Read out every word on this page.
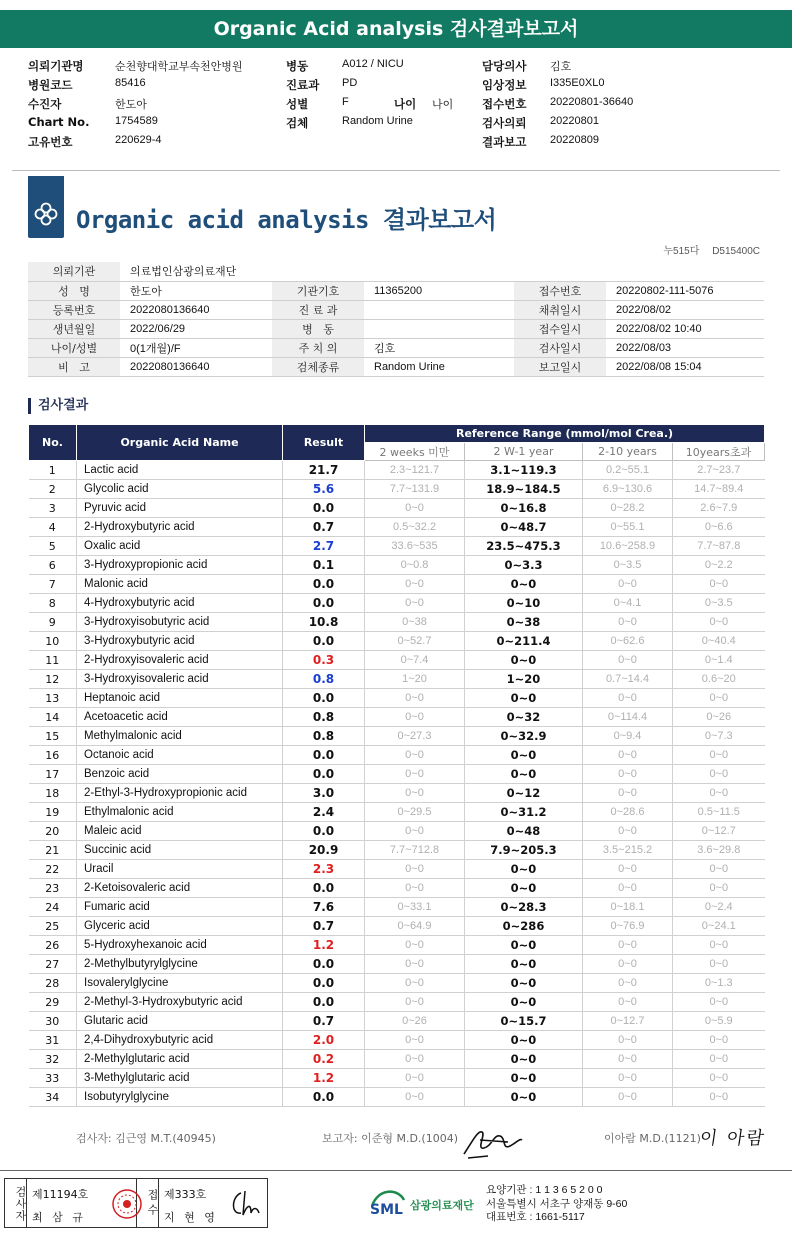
Organic Acid analysis 검사결과보고서
의뢰기관명	순천향대학교부속천안병원	병동	A012 / NICU	담당의사 김호
병원코드	85416	진료과 PD	임상정보 I335E0XL0
수진자	한도아	성별	F	나이 나이 접수번호 20220801-36640
Chart No. 1754589	검체	Random Urine	검사의뢰 20220801
고유번호	220629-4	결과보고 20220809
Organic acid analysis 결과보고서
누515다 D515400C
의뢰기관	의료법인삼광의료재단				
성   명	한도아	기관기호	11365200	접수번호	20220802-111-5076
등록번호	2022080136640	진 료 과		채취일시	2022/08/02
생년월일	2022/06/29	병   동		접수일시	2022/08/02 10:40
나이/성별	0(1개월)/F	주 치 의	김호	검사일시	2022/08/03
비   고	2022080136640	검체종류	Random Urine	보고일시	2022/08/08 15:04
검사결과
No.	Organic Acid Name	Result	Reference Range (mmol/mol Crea.)			
			2 weeks 미만	2 W-1 year	2-10 years	10years초과
1	Lactic acid	21.7	2.3~121.7	3.1~119.3	0.2~55.1	2.7~23.7
2	Glycolic acid	5.6	7.7~131.9	18.9~184.5	6.9~130.6	14.7~89.4
3	Pyruvic acid	0.0	0~0	0~16.8	0~28.2	2.6~7.9
4	2-Hydroxybutyric acid	0.7	0.5~32.2	0~48.7	0~55.1	0~6.6
5	Oxalic acid	2.7	33.6~535	23.5~475.3	10.6~258.9	7.7~87.8
6	3-Hydroxypropionic acid	0.1	0~0.8	0~3.3	0~3.5	0~2.2
7	Malonic acid	0.0	0~0	0~0	0~0	0~0
8	4-Hydroxybutyric acid	0.0	0~0	0~10	0~4.1	0~3.5
9	3-Hydroxyisobutyric acid	10.8	0~38	0~38	0~0	0~0
10	3-Hydroxybutyric acid	0.0	0~52.7	0~211.4	0~62.6	0~40.4
11	2-Hydroxyisovaleric acid	0.3	0~7.4	0~0	0~0	0~1.4
12	3-Hydroxyisovaleric acid	0.8	1~20	1~20	0.7~14.4	0.6~20
13	Heptanoic acid	0.0	0~0	0~0	0~0	0~0
14	Acetoacetic acid	0.8	0~0	0~32	0~114.4	0~26
15	Methylmalonic acid	0.8	0~27.3	0~32.9	0~9.4	0~7.3
16	Octanoic acid	0.0	0~0	0~0	0~0	0~0
17	Benzoic acid	0.0	0~0	0~0	0~0	0~0
18	2-Ethyl-3-Hydroxypropionic acid	3.0	0~0	0~12	0~0	0~0
19	Ethylmalonic acid	2.4	0~29.5	0~31.2	0~28.6	0.5~11.5
20	Maleic acid	0.0	0~0	0~48	0~0	0~12.7
21	Succinic acid	20.9	7.7~712.8	7.9~205.3	3.5~215.2	3.6~29.8
22	Uracil	2.3	0~0	0~0	0~0	0~0
23	2-Ketoisovaleric acid	0.0	0~0	0~0	0~0	0~0
24	Fumaric acid	7.6	0~33.1	0~28.3	0~18.1	0~2.4
25	Glyceric acid	0.7	0~64.9	0~286	0~76.9	0~24.1
26	5-Hydroxyhexanoic acid	1.2	0~0	0~0	0~0	0~0
27	2-Methylbutyrylglycine	0.0	0~0	0~0	0~0	0~0
28	Isovalerylglycine	0.0	0~0	0~0	0~0	0~1.3
29	2-Methyl-3-Hydroxybutyric acid	0.0	0~0	0~0	0~0	0~0
30	Glutaric acid	0.7	0~26	0~15.7	0~12.7	0~5.9
31	2,4-Dihydroxybutyric acid	2.0	0~0	0~0	0~0	0~0
32	2-Methylglutaric acid	0.2	0~0	0~0	0~0	0~0
33	3-Methylglutaric acid	1.2	0~0	0~0	0~0	0~0
34	Isobutyrylglycine	0.0	0~0	0~0	0~0	0~0
검사자: 김근영 M.T.(40945)	보고자: 이준형 M.D.(1004)	이아람 M.D.(1121)
이 아람
검사자 제11194호
최 삼 규	접수 제333호
지 현 영	SML 삼광의료재단
요양기관 : 1 1 3 6 5 2 0 0
서울특별시 서초구 양재동 9-60
대표번호 : 1661-5117
